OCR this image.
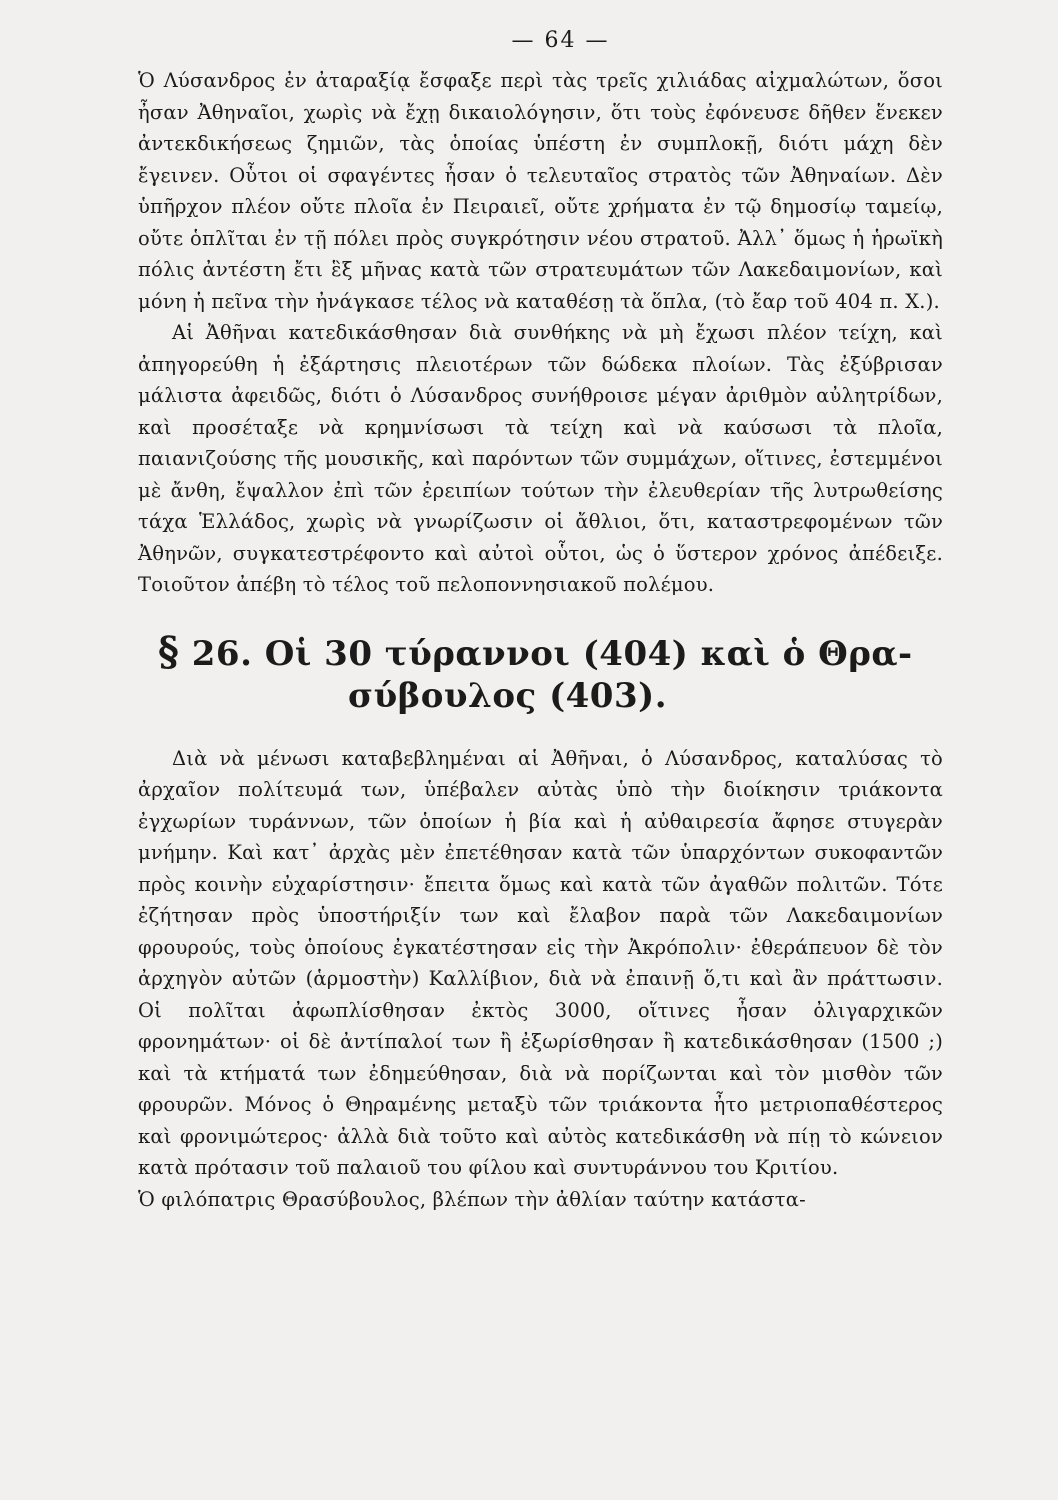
— 64 —

Ὁ Λύσανδρος ἐν ἀταραξίᾳ ἔσφαξε περὶ τὰς τρεῖς χιλιάδας αἰχμαλώτων, ὅσοι ἦσαν Ἀθηναῖοι, χωρὶς νὰ ἔχῃ δικαιολόγησιν, ὅτι τοὺς ἐφόνευσε δῆθεν ἕνεκεν ἀντεκδικήσεως ζημιῶν, τὰς ὁποίας ὑπέστη ἐν συμπλοκῇ, διότι μάχη δὲν ἔγεινεν. Οὗτοι οἱ σφαγέντες ἦσαν ὁ τελευταῖος στρατὸς τῶν Ἀθηναίων. Δὲν ὑπῆρχον πλέον οὔτε πλοῖα ἐν Πειραιεῖ, οὔτε χρήματα ἐν τῷ δημοσίῳ ταμείῳ, οὔτε ὁπλῖται ἐν τῇ πόλει πρὸς συγκρότησιν νέου στρατοῦ. Ἀλλ᾽ ὅμως ἡ ἡρωϊκὴ πόλις ἀντέστη ἔτι ἓξ μῆνας κατὰ τῶν στρατευμάτων τῶν Λακεδαιμονίων, καὶ μόνη ἡ πεῖνα τὴν ἠνάγκασε τέλος νὰ καταθέσῃ τὰ ὅπλα, (τὸ ἔαρ τοῦ 404 π. Χ.).

Αἱ Ἀθῆναι κατεδικάσθησαν διὰ συνθήκης νὰ μὴ ἔχωσι πλέον τείχη, καὶ ἀπηγορεύθη ἡ ἐξάρτησις πλειοτέρων τῶν δώδεκα πλοίων. Τὰς ἐξύβρισαν μάλιστα ἀφειδῶς, διότι ὁ Λύσανδρος συνήθροισε μέγαν ἀριθμὸν αὐλητρίδων, καὶ προσέταξε νὰ κρημνίσωσι τὰ τείχη καὶ νὰ καύσωσι τὰ πλοῖα, παιανιζούσης τῆς μουσικῆς, καὶ παρόντων τῶν συμμάχων, οἵτινες, ἐστεμμένοι μὲ ἄνθη, ἔψαλλον ἐπὶ τῶν ἐρειπίων τούτων τὴν ἐλευθερίαν τῆς λυτρωθείσης τάχα Ἑλλάδος, χωρὶς νὰ γνωρίζωσιν οἱ ἄθλιοι, ὅτι, καταστρεφομένων τῶν Ἀθηνῶν, συγκατεστρέφοντο καὶ αὐτοὶ οὗτοι, ὡς ὁ ὕστερον χρόνος ἀπέδειξε. Τοιοῦτον ἀπέβη τὸ τέλος τοῦ πελοποννησιακοῦ πολέμου.

§ 26. Οἱ 30 τύραννοι (404) καὶ ὁ Θρα-
σύβουλος (403).

Διὰ νὰ μένωσι καταβεβλημέναι αἱ Ἀθῆναι, ὁ Λύσανδρος, καταλύσας τὸ ἀρχαῖον πολίτευμά των, ὑπέβαλεν αὐτὰς ὑπὸ τὴν διοίκησιν τριάκοντα ἐγχωρίων τυράννων, τῶν ὁποίων ἡ βία καὶ ἡ αὐθαιρεσία ἄφησε στυγερὰν μνήμην. Καὶ κατ᾽ ἀρχὰς μὲν ἐπετέθησαν κατὰ τῶν ὑπαρχόντων συκοφαντῶν πρὸς κοινὴν εὐχαρίστησιν· ἔπειτα ὅμως καὶ κατὰ τῶν ἀγαθῶν πολιτῶν. Τότε ἐζήτησαν πρὸς ὑποστήριξίν των καὶ ἔλαβον παρὰ τῶν Λακεδαιμονίων φρουρούς, τοὺς ὁποίους ἐγκατέστησαν εἰς τὴν Ἀκρόπολιν· ἐθεράπευον δὲ τὸν ἀρχηγὸν αὐτῶν (ἁρμοστὴν) Καλλίβιον, διὰ νὰ ἐπαινῇ ὅ,τι καὶ ἂν πράττωσιν. Οἱ πολῖται ἀφωπλίσθησαν ἐκτὸς 3000, οἵτινες ἦσαν ὀλιγαρχικῶν φρονημάτων· οἱ δὲ ἀντίπαλοί των ἢ ἐξωρίσθησαν ἢ κατεδικάσθησαν (1500 ;) καὶ τὰ κτήματά των ἐδημεύθησαν, διὰ νὰ πορίζωνται καὶ τὸν μισθὸν τῶν φρουρῶν. Μόνος ὁ Θηραμένης μεταξὺ τῶν τριάκοντα ἦτο μετριοπαθέστερος καὶ φρονιμώτερος· ἀλλὰ διὰ τοῦτο καὶ αὐτὸς κατεδικάσθη νὰ πίῃ τὸ κώνειον κατὰ πρότασιν τοῦ παλαιοῦ του φίλου καὶ συντυράννου του Κριτίου.

Ὁ φιλόπατρις Θρασύβουλος, βλέπων τὴν ἀθλίαν ταύτην κατάστα-
